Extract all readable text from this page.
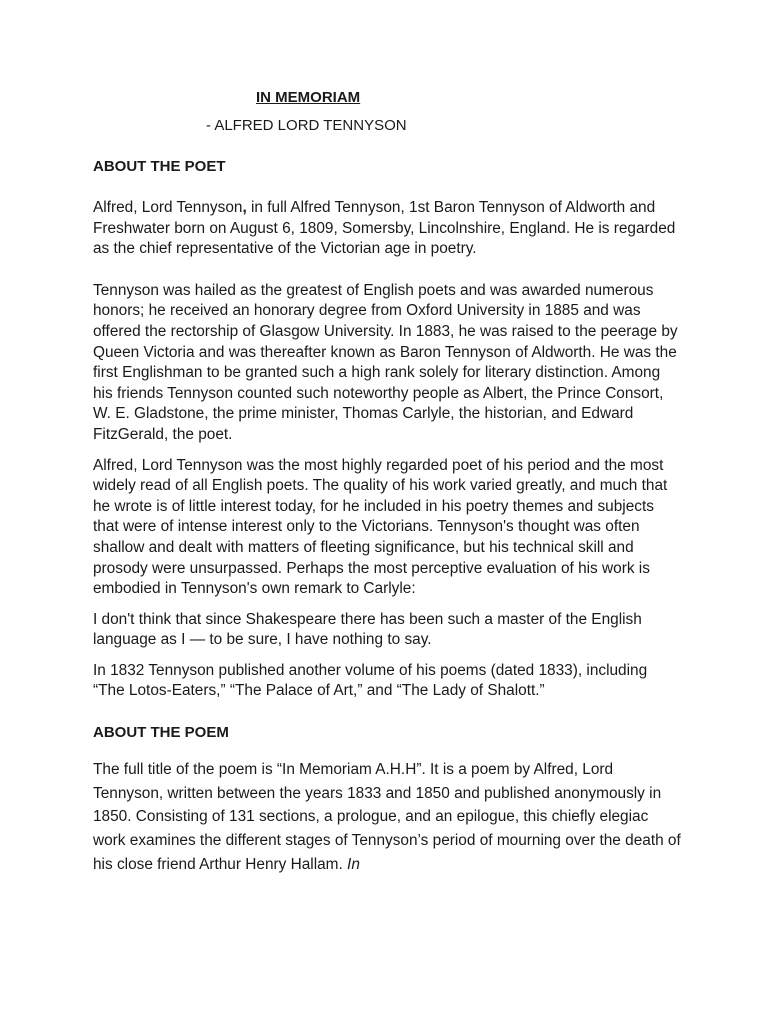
IN MEMORIAM

- ALFRED LORD TENNYSON

ABOUT THE POET

Alfred, Lord Tennyson, in full Alfred Tennyson, 1st Baron Tennyson of Aldworth and Freshwater born on August 6, 1809, Somersby, Lincolnshire, England. He is regarded as the chief representative of the Victorian age in poetry.

Tennyson was hailed as the greatest of English poets and was awarded numerous honors; he received an honorary degree from Oxford University in 1885 and was offered the rectorship of Glasgow University. In 1883, he was raised to the peerage by Queen Victoria and was thereafter known as Baron Tennyson of Aldworth. He was the first Englishman to be granted such a high rank solely for literary distinction. Among his friends Tennyson counted such noteworthy people as Albert, the Prince Consort, W. E. Gladstone, the prime minister, Thomas Carlyle, the historian, and Edward FitzGerald, the poet.

Alfred, Lord Tennyson was the most highly regarded poet of his period and the most widely read of all English poets. The quality of his work varied greatly, and much that he wrote is of little interest today, for he included in his poetry themes and subjects that were of intense interest only to the Victorians. Tennyson's thought was often shallow and dealt with matters of fleeting significance, but his technical skill and prosody were unsurpassed. Perhaps the most perceptive evaluation of his work is embodied in Tennyson's own remark to Carlyle:

I don't think that since Shakespeare there has been such a master of the English language as I — to be sure, I have nothing to say.

In 1832 Tennyson published another volume of his poems (dated 1833), including “The Lotos-Eaters,” “The Palace of Art,” and “The Lady of Shalott.”

ABOUT THE POEM

The full title of the poem is “In Memoriam A.H.H”. It is a poem by Alfred, Lord Tennyson, written between the years 1833 and 1850 and published anonymously in 1850. Consisting of 131 sections, a prologue, and an epilogue, this chiefly elegiac work examines the different stages of Tennyson’s period of mourning over the death of his close friend Arthur Henry Hallam. In
